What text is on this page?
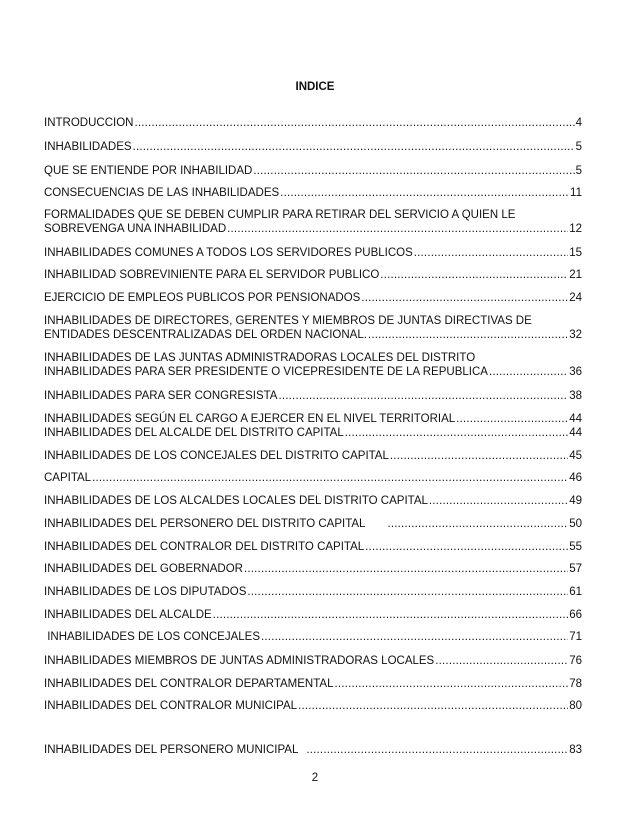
INDICE
INTRODUCCION .....	4
INHABILIDADES .....	5
QUE SE ENTIENDE POR INHABILIDAD .....	5
CONSECUENCIAS DE LAS INHABILIDADES .....	11
FORMALIDADES QUE SE DEBEN CUMPLIR PARA RETIRAR DEL SERVICIO A QUIEN LE
SOBREVENGA UNA INHABILIDAD .....	12
INHABILIDADES COMUNES A TODOS LOS SERVIDORES PUBLICOS .....	15
INHABILIDAD SOBREVINIENTE PARA EL SERVIDOR PUBLICO .....	21
EJERCICIO DE EMPLEOS PUBLICOS POR PENSIONADOS .....	24
INHABILIDADES DE DIRECTORES, GERENTES Y MIEMBROS DE JUNTAS DIRECTIVAS DE
ENTIDADES DESCENTRALIZADAS DEL ORDEN NACIONAL. .....	32
INHABILIDADES DE LAS JUNTAS ADMINISTRADORAS LOCALES DEL DISTRITO
INHABILIDADES PARA SER PRESIDENTE O VICEPRESIDENTE DE LA REPUBLICA .....	36
INHABILIDADES PARA SER CONGRESISTA .....	38
INHABILIDADES SEGÚN EL CARGO A EJERCER EN EL NIVEL TERRITORIAL .....	44
INHABILIDADES DEL ALCALDE DEL DISTRITO CAPITAL .....	44
INHABILIDADES DE LOS CONCEJALES DEL DISTRITO CAPITAL .....	45
CAPITAL .....	46
INHABILIDADES DE LOS ALCALDES LOCALES DEL DISTRITO CAPITAL .....	49
INHABILIDADES DEL PERSONERO DEL DISTRITO CAPITAL .....	50
INHABILIDADES DEL CONTRALOR DEL DISTRITO CAPITAL .....	55
INHABILIDADES DEL GOBERNADOR .....	57
INHABILIDADES DE LOS DIPUTADOS .....	61
INHABILIDADES DEL ALCALDE .....	66
INHABILIDADES DE LOS CONCEJALES .....	71
INHABILIDADES MIEMBROS DE JUNTAS ADMINISTRADORAS LOCALES .....	76
INHABILIDADES DEL CONTRALOR DEPARTAMENTAL .....	78
INHABILIDADES DEL CONTRALOR MUNICIPAL .....	80
INHABILIDADES DEL PERSONERO MUNICIPAL .....	83
2
